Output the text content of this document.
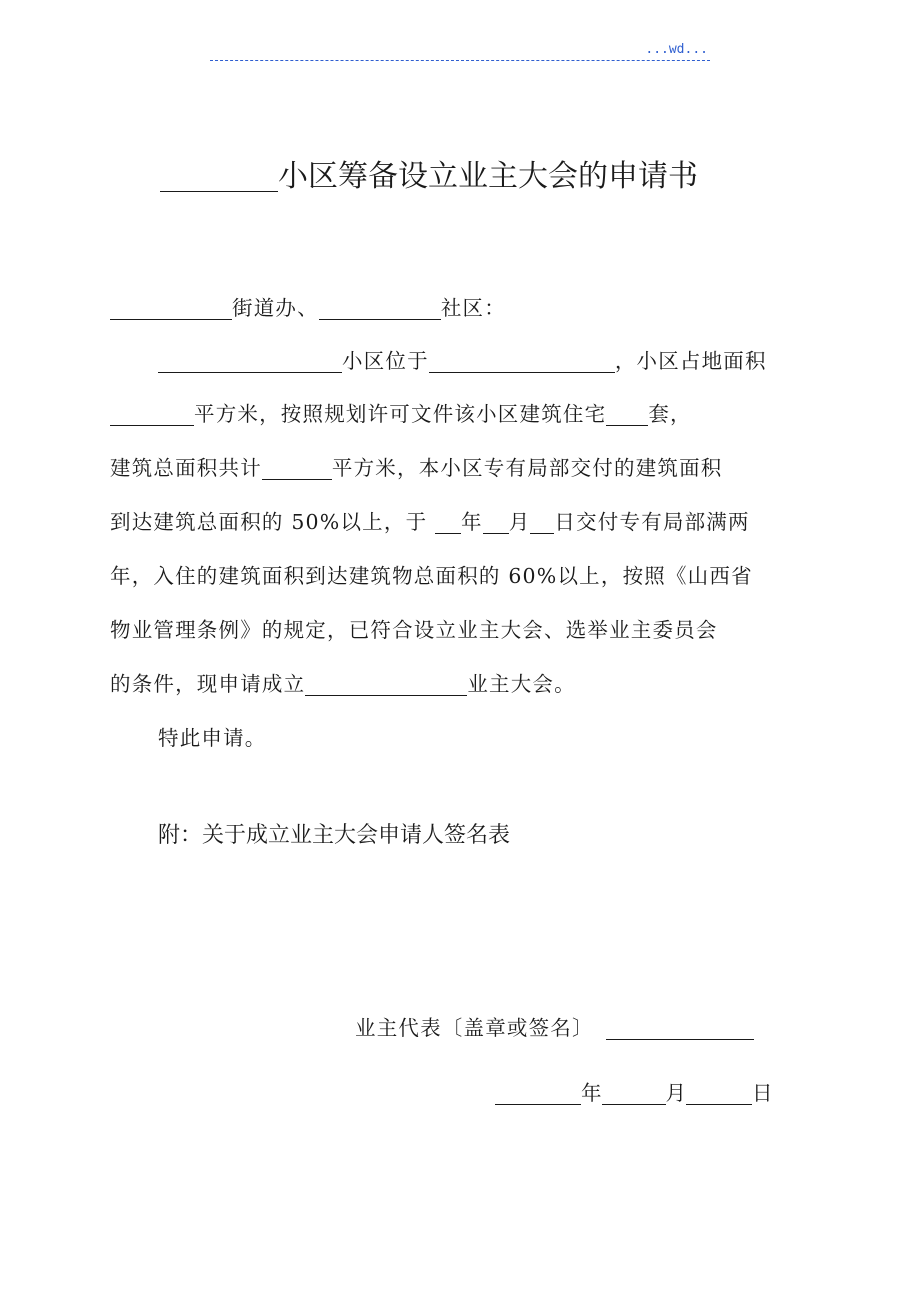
...wd...
小区筹备设立业主大会的申请书
街道办、	社区：
小区位于	，小区占地面积
平方米，按照规划许可文件该小区建筑住宅 套，
建筑总面积共计	平方米，本小区专有局部交付的建筑面积
到达建筑总面积的 50%以上，于 年 月 日交付专有局部满两
年，入住的建筑面积到达建筑物总面积的 60%以上，按照《山西省
物业管理条例》的规定，已符合设立业主大会、选举业主委员会
的条件，现申请成立	业主大会。
特此申请。
附：关于成立业主大会申请人签名表
业主代表〔盖章或签名〕
年	月	日
